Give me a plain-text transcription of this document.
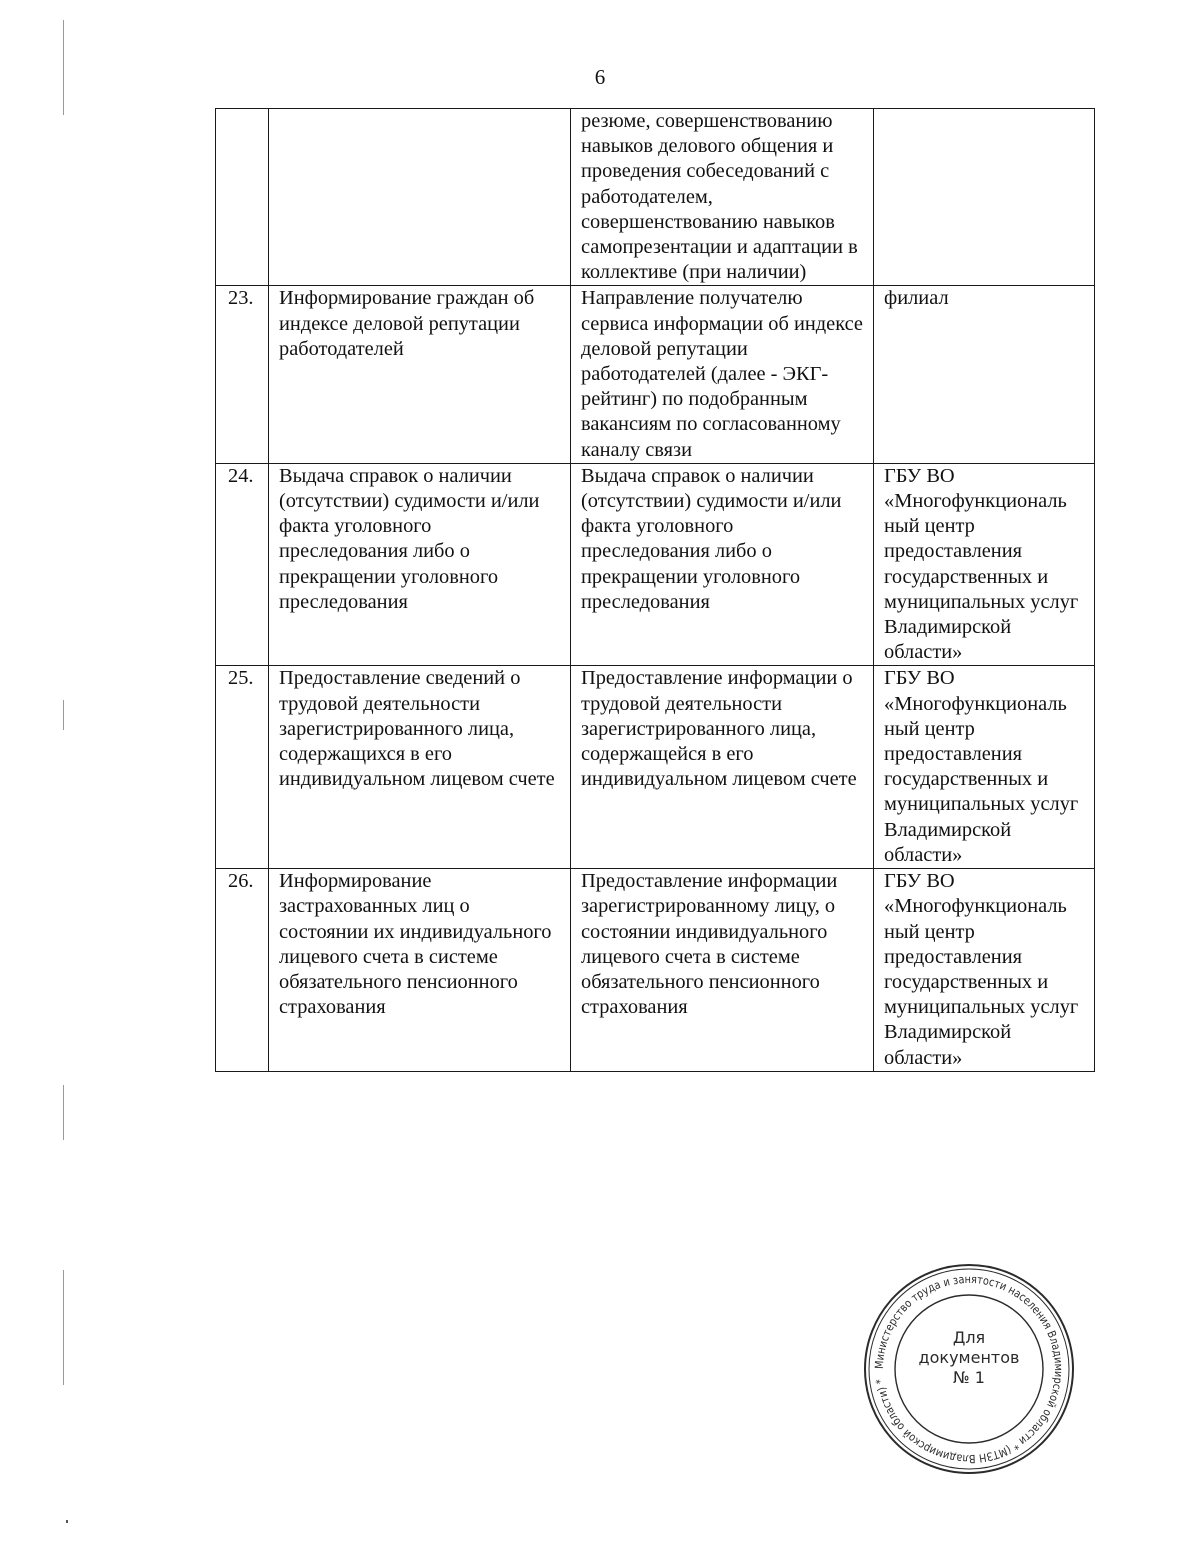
6
		резюме, совершенствованию навыков делового общения и проведения собеседований с работодателем, совершенствованию навыков самопрезентации и адаптации в коллективе (при наличии)	
23.	Информирование граждан об индексе деловой репутации работодателей	Направление получателю сервиса информации об индексе деловой репутации работодателей (далее - ЭКГ-рейтинг) по подобранным вакансиям по согласованному каналу связи	филиал
24.	Выдача справок о наличии (отсутствии) судимости и/или факта уголовного преследования либо о прекращении уголовного преследования	Выдача справок о наличии (отсутствии) судимости и/или факта уголовного преследования либо о прекращении уголовного преследования	ГБУ ВО «Многофункциональ ный центр предоставления государственных и муниципальных услуг Владимирской области»
25.	Предоставление сведений о трудовой деятельности зарегистрированного лица, содержащихся в его индивидуальном лицевом счете	Предоставление информации о трудовой деятельности зарегистрированного лица, содержащейся в его индивидуальном лицевом счете	ГБУ ВО «Многофункциональ ный центр предоставления государственных и муниципальных услуг Владимирской области»
26.	Информирование застрахованных лиц о состоянии их индивидуального лицевого счета в системе обязательного пенсионного страхования	Предоставление информации зарегистрированному лицу, о состоянии индивидуального лицевого счета в системе обязательного пенсионного страхования	ГБУ ВО «Многофункциональ ный центр предоставления государственных и муниципальных услуг Владимирской области»
Министерство труда и занятости населения Владимирской области * (МТЗН Владимирской области) *
Для
документов
№ 1
